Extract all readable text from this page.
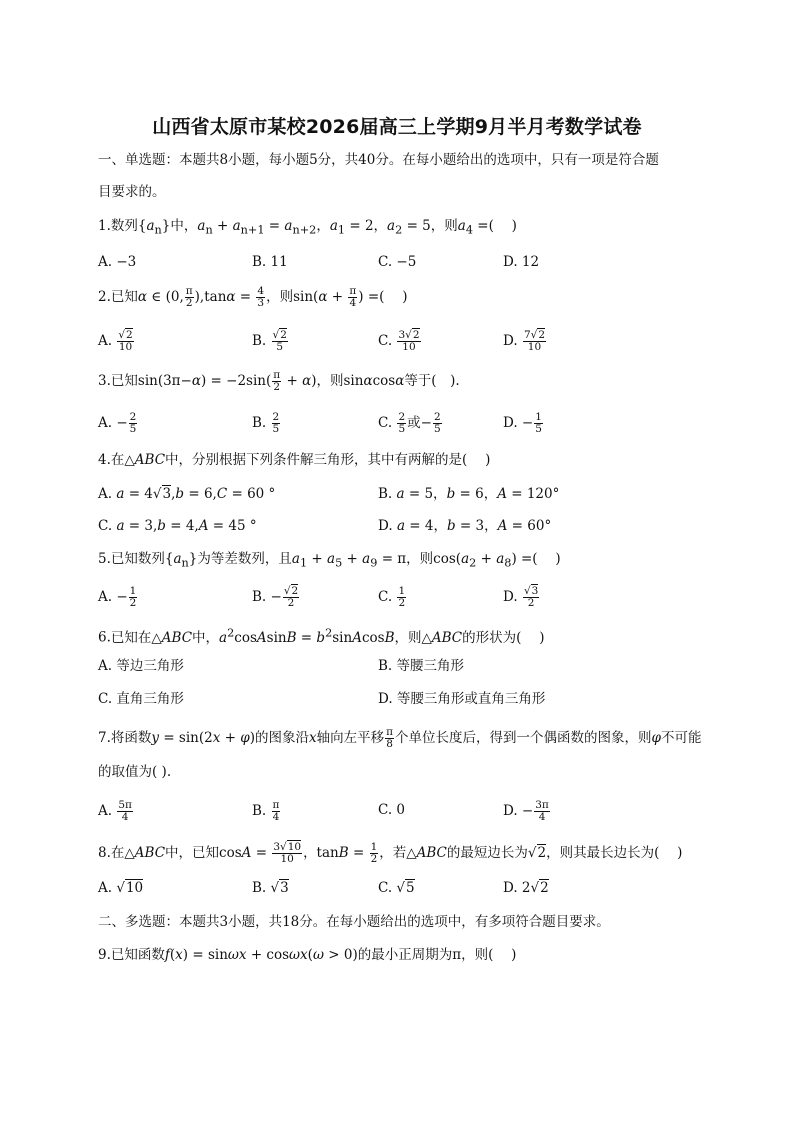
山西省太原市某校2026届高三上学期9月半月考数学试卷
一、单选题：本题共8小题，每小题5分，共40分。在每小题给出的选项中，只有一项是符合题
目要求的。
1.数列$\{a_n\}$中，$a_n + a_{n+1} = a_{n+2}$，$a_1 = 2$，$a_2 = 5$，则$a_4$ =(　 )
A. −3	B. 11	C. −5	D. 12
2.已知α ∈ (0, $\frac{\pi}{2} ),\tan\alpha = \frac{4}{3}$ ，则$\sin(\alpha + \frac{\pi}{4}$ ) =(　 )
A. $\frac{√2}{10}$	B. $\frac{√2}{5}$	C. $\frac{3√2}{10}$	D. $\frac{7√2}{10}$
3.已知$\sin(3\pi-\alpha) = -2\sin( \frac{\pi}{2} + \alpha)$，则sinαcosα等于(　).
A. − $\frac{2}{5}$	B. $\frac{2}{5}$	C. $\frac{2}{5}$ 或− $\frac{2}{5}$	D. − $\frac{1}{5}$
4.在△ABC中，分别根据下列条件解三角形，其中有两解的是(　 )
A. a = 4√3,b = 6,C = 60 °	B. a = 5，b = 6，A = 120°
C. a = 3,b = 4,A = 45 °	D. a = 4，b = 3，A = 60°
5.已知数列$\{a_n\}$为等差数列，且$a_1 + a_5 + a_9 = \pi$，则$\cos(a_2 + a_8)$ =(　 )
A. − $\frac{1}{2}$	B. − $\frac{√2}{2}$	C. $\frac{1}{2}$	D. $\frac{√3}{2}$
6.已知在△ABC中，$a^2cosAsinB$ = $b^2sinAcosB$，则△ABC的形状为(　 )
A. 等边三角形	B. 等腰三角形
C. 直角三角形	D. 等腰三角形或直角三角形
7.将函数y = sin(2x + φ)的图象沿x轴向左平移 $\frac{\pi}{8}$ 个单位长度后，得到一个偶函数的图象，则φ不可能
的取值为( ).
A. $\frac{5\pi}{4}$	B. $\frac{\pi}{4}$	C. 0	D. − $\frac{3\pi}{4}$
8.在△ABC中，已知$\cos A = \frac{3√10}{10}$ ，$\tan B = \frac{1}{2}$ ，若△ABC的最短边长为√2，则其最长边长为(　 )
A. √10	B. √3	C. √5	D. 2√2
二、多选题：本题共3小题，共18分。在每小题给出的选项中，有多项符合题目要求。
9.已知函数f(x) = sinωx + cosωx(ω > 0)的最小正周期为π，则(　 )
